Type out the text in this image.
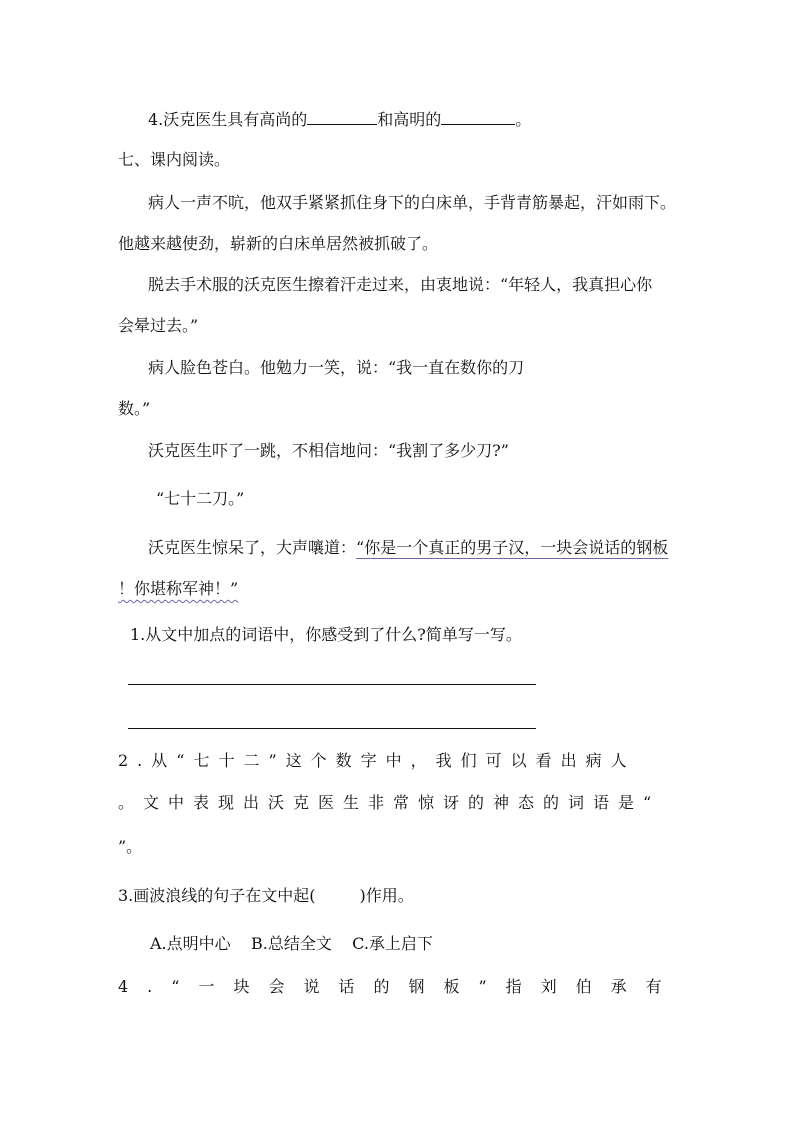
4.沃克医生具有高尚的	和高明的	。
七、课内阅读。
病人一声不吭，他双手紧紧抓住身下的白床单，手背青筋暴起，汗如雨下。
他越来越使劲，崭新的白床单居然被抓破了。
脱去手术服的沃克医生擦着汗走过来，由衷地说：“年轻人，我真担心你
会晕过去。”
病人脸色苍白。他勉力一笑，说：“我一直在数你的刀
数。”
沃克医生吓了一跳，不相信地问：“我割了多少刀?”
“七十二刀。”
沃克医生惊呆了，大声嚷道：“你是一个真正的男子汉，一块会说话的钢板
！你堪称军神！”
1.从文中加点的词语中，你感受到了什么?简单写一写。
2.从“七十二”这个数字中，我们可以看出病人
。文中表现出沃克医生非常惊讶的神态的词语是“
”。
3.画波浪线的句子在文中起(	)作用。
A.点明中心    B.总结全文    C.承上启下
4.“一块会说话的钢板”指刘伯承有
